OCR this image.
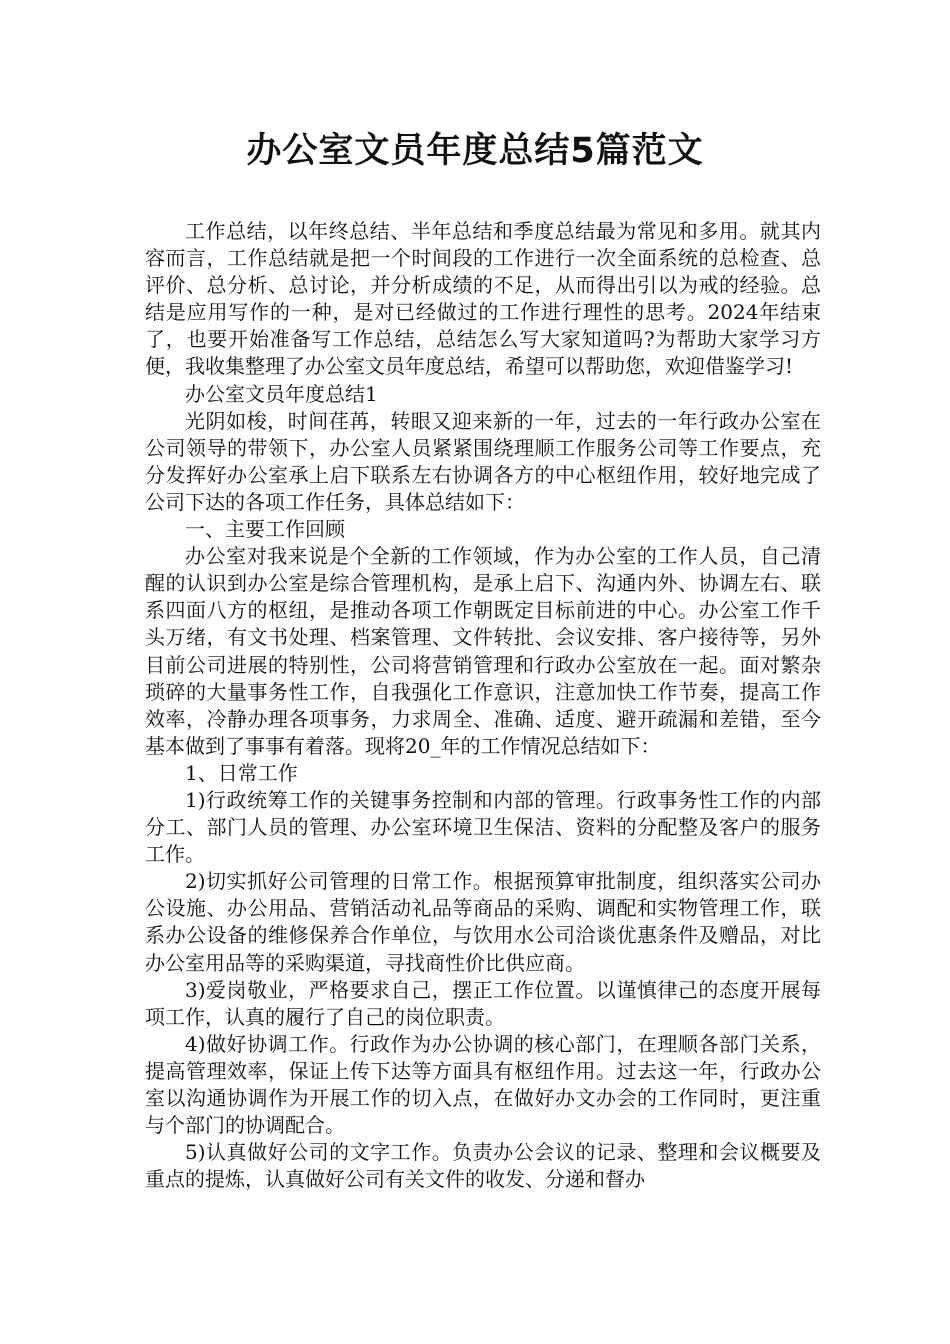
办公室文员年度总结5篇范文

工作总结，以年终总结、半年总结和季度总结最为常见和多用。就其内容而言，工作总结就是把一个时间段的工作进行一次全面系统的总检查、总评价、总分析、总讨论，并分析成绩的不足，从而得出引以为戒的经验。总结是应用写作的一种，是对已经做过的工作进行理性的思考。2024年结束了，也要开始准备写工作总结，总结怎么写大家知道吗?为帮助大家学习方便，我收集整理了办公室文员年度总结，希望可以帮助您，欢迎借鉴学习!

办公室文员年度总结1

光阴如梭，时间荏苒，转眼又迎来新的一年，过去的一年行政办公室在公司领导的带领下，办公室人员紧紧围绕理顺工作服务公司等工作要点，充分发挥好办公室承上启下联系左右协调各方的中心枢纽作用，较好地完成了公司下达的各项工作任务，具体总结如下：

一、主要工作回顾

办公室对我来说是个全新的工作领域，作为办公室的工作人员，自己清醒的认识到办公室是综合管理机构，是承上启下、沟通内外、协调左右、联系四面八方的枢纽，是推动各项工作朝既定目标前进的中心。办公室工作千头万绪，有文书处理、档案管理、文件转批、会议安排、客户接待等，另外目前公司进展的特别性，公司将营销管理和行政办公室放在一起。面对繁杂琐碎的大量事务性工作，自我强化工作意识，注意加快工作节奏，提高工作效率，冷静办理各项事务，力求周全、准确、适度、避开疏漏和差错，至今基本做到了事事有着落。现将20_年的工作情况总结如下：

1、日常工作

1)行政统筹工作的关键事务控制和内部的管理。行政事务性工作的内部分工、部门人员的管理、办公室环境卫生保洁、资料的分配整及客户的服务工作。

2)切实抓好公司管理的日常工作。根据预算审批制度，组织落实公司办公设施、办公用品、营销活动礼品等商品的采购、调配和实物管理工作，联系办公设备的维修保养合作单位，与饮用水公司洽谈优惠条件及赠品，对比办公室用品等的采购渠道，寻找商性价比供应商。

3)爱岗敬业，严格要求自己，摆正工作位置。以谨慎律己的态度开展每项工作，认真的履行了自己的岗位职责。

4)做好协调工作。行政作为办公协调的核心部门，在理顺各部门关系，提高管理效率，保证上传下达等方面具有枢纽作用。过去这一年，行政办公室以沟通协调作为开展工作的切入点，在做好办文办会的工作同时，更注重与个部门的协调配合。

5)认真做好公司的文字工作。负责办公会议的记录、整理和会议概要及重点的提炼，认真做好公司有关文件的收发、分递和督办
